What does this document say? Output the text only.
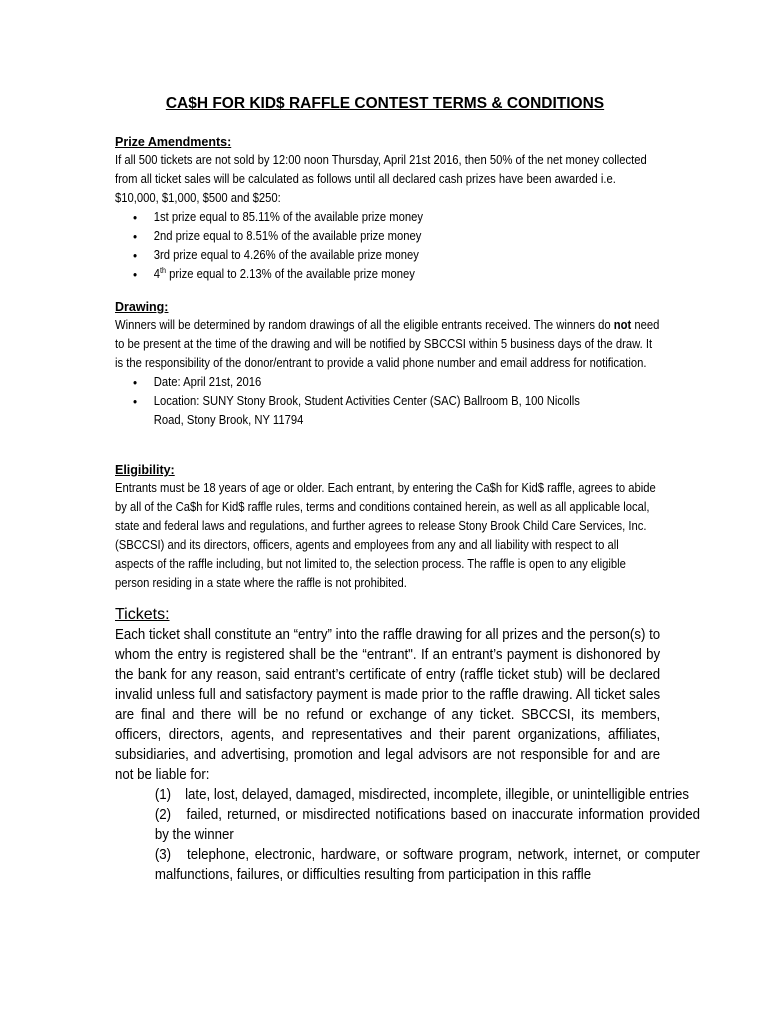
CA$H FOR KID$ RAFFLE CONTEST TERMS & CONDITIONS
Prize Amendments:
If all 500 tickets are not sold by 12:00 noon Thursday, April 21st 2016, then 50% of the net money collected from all ticket sales will be calculated as follows until all declared cash prizes have been awarded i.e. $10,000, $1,000, $500 and $250:
• 1st prize equal to 85.11% of the available prize money
• 2nd prize equal to 8.51% of the available prize money
• 3rd prize equal to 4.26% of the available prize money
• 4th prize equal to 2.13% of the available prize money
Drawing:
Winners will be determined by random drawings of all the eligible entrants received. The winners do not need to be present at the time of the drawing and will be notified by SBCCSI within 5 business days of the draw. It is the responsibility of the donor/entrant to provide a valid phone number and email address for notification.
• Date: April 21st, 2016
• Location: SUNY Stony Brook, Student Activities Center (SAC) Ballroom B, 100 Nicolls Road, Stony Brook, NY 11794
Eligibility:
Entrants must be 18 years of age or older. Each entrant, by entering the Ca$h for Kid$ raffle, agrees to abide by all of the Ca$h for Kid$ raffle rules, terms and conditions contained herein, as well as all applicable local, state and federal laws and regulations, and further agrees to release Stony Brook Child Care Services, Inc. (SBCCSI) and its directors, officers, agents and employees from any and all liability with respect to all aspects of the raffle including, but not limited to, the selection process. The raffle is open to any eligible person residing in a state where the raffle is not prohibited.
Tickets:
Each ticket shall constitute an “entry” into the raffle drawing for all prizes and the person(s) to whom the entry is registered shall be the “entrant". If an entrant’s payment is dishonored by the bank for any reason, said entrant’s certificate of entry (raffle ticket stub) will be declared invalid unless full and satisfactory payment is made prior to the raffle drawing. All ticket sales are final and there will be no refund or exchange of any ticket. SBCCSI, its members, officers, directors, agents, and representatives and their parent organizations, affiliates, subsidiaries, and advertising, promotion and legal advisors are not responsible for and are not be liable for:
(1) late, lost, delayed, damaged, misdirected, incomplete, illegible, or unintelligible entries
(2) failed, returned, or misdirected notifications based on inaccurate information provided by the winner
(3) telephone, electronic, hardware, or software program, network, internet, or computer malfunctions, failures, or difficulties resulting from participation in this raffle
